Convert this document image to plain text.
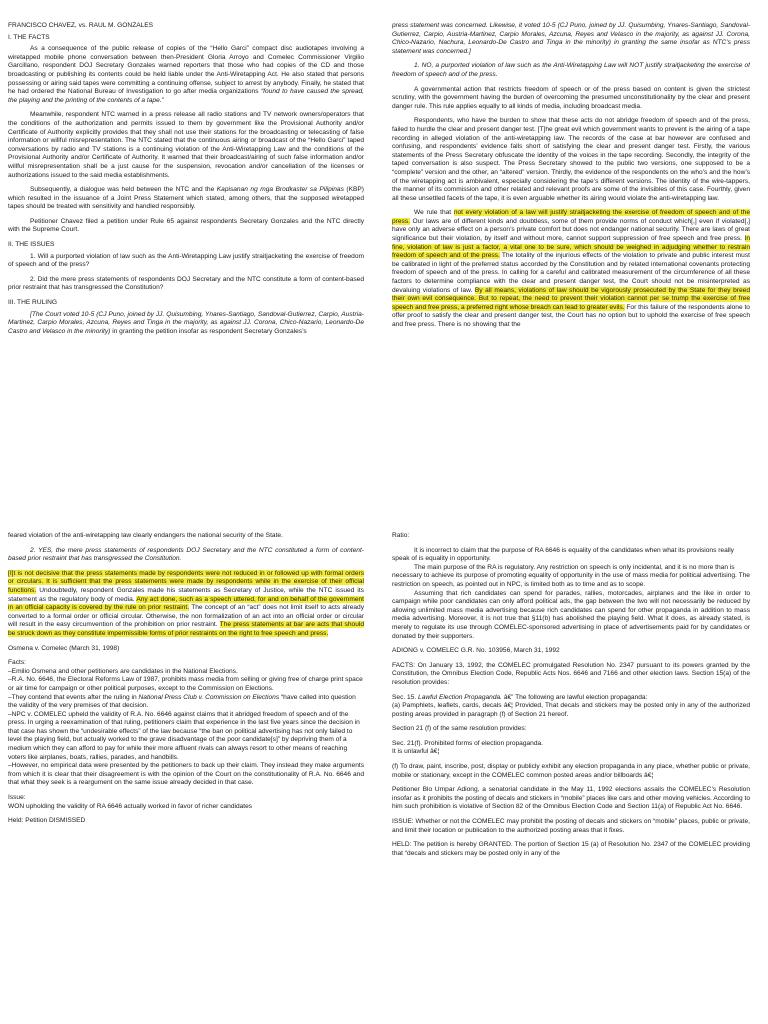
FRANCISCO CHAVEZ, vs. RAUL M. GONZALES
I. THE FACTS

As a consequence of the public release of copies of the “Hello Garci” compact disc audiotapes involving a wiretapped mobile phone conversation between then-President Gloria Arroyo and Comelec Commissioner Virgilio Garcillano, respondent DOJ Secretary Gonzales warned reporters that those who had copies of the CD and those broadcasting or publishing its contents could be held liable under the Anti-Wiretapping Act. He also stated that persons possessing or airing said tapes were committing a continuing offense, subject to arrest by anybody. Finally, he stated that he had ordered the National Bureau of Investigation to go after media organizations “found to have caused the spread, the playing and the printing of the contents of a tape.”

Meanwhile, respondent NTC warned in a press release all radio stations and TV network owners/operators that the conditions of the authorization and permits issued to them by government like the Provisional Authority and/or Certificate of Authority explicitly provides that they shall not use their stations for the broadcasting or telecasting of false information or willful misrepresentation. The NTC stated that the continuous airing or broadcast of the “Hello Garci” taped conversations by radio and TV stations is a continuing violation of the Anti-Wiretapping Law and the conditions of the Provisional Authority and/or Certificate of Authority. It warned that their broadcast/airing of such false information and/or willful misrepresentation shall be a just cause for the suspension, revocation and/or cancellation of the licenses or authorizations issued to the said media establishments.

Subsequently, a dialogue was held between the NTC and the Kapisanan ng mga Brodkaster sa Pilipinas (KBP) which resulted in the issuance of a Joint Press Statement which stated, among others, that the supposed wiretapped tapes should be treated with sensitivity and handled responsibly.

Petitioner Chavez filed a petition under Rule 65 against respondents Secretary Gonzales and the NTC directly with the Supreme Court.

II. THE ISSUES

1. Will a purported violation of law such as the Anti-Wiretapping Law justify straitjacketing the exercise of freedom of speech and of the press?

2. Did the mere press statements of respondents DOJ Secretary and the NTC constitute a form of content-based prior restraint that has transgressed the Constitution?

III. THE RULING

[The Court voted 10-5 (CJ Puno, joined by JJ. Quisumbing, Ynares-Santiago, Sandoval-Gutierrez, Carpio, Austria-Martinez, Carpio Morales, Azcuna, Reyes and Tinga in the majority, as against JJ. Corona, Chico-Nazario, Leonardo-De Castro and Velasco in the minority) in granting the petition insofar as respondent Secretary Gonzales’s

press statement was concerned. Likewise, it voted 10-5 (CJ Puno, joined by JJ. Quisumbing, Ynares-Santiago, Sandoval-Gutierrez, Carpio, Austria-Martinez, Carpio Morales, Azcuna, Reyes and Velasco in the majority, as against JJ. Corona, Chico-Nazario, Nachura, Leonardo-De Castro and Tinga in the minority) in granting the same insofar as NTC’s press statement was concerned.]

1. NO, a purported violation of law such as the Anti-Wiretapping Law will NOT justify straitjacketing the exercise of freedom of speech and of the press.

A governmental action that restricts freedom of speech or of the press based on content is given the strictest scrutiny, with the government having the burden of overcoming the presumed unconstitutionality by the clear and present danger rule. This rule applies equally to all kinds of media, including broadcast media.

Respondents, who have the burden to show that these acts do not abridge freedom of speech and of the press, failed to hurdle the clear and present danger test. [T]he great evil which government wants to prevent is the airing of a tape recording in alleged violation of the anti-wiretapping law. The records of the case at bar however are confused and confusing, and respondents’ evidence falls short of satisfying the clear and present danger test. Firstly, the various statements of the Press Secretary obfuscate the identity of the voices in the tape recording. Secondly, the integrity of the taped conversation is also suspect. The Press Secretary showed to the public two versions, one supposed to be a “complete” version and the other, an “altered” version. Thirdly, the evidence of the respondents on the who’s and the how’s of the wiretapping act is ambivalent, especially considering the tape’s different versions. The identity of the wire-tappers, the manner of its commission and other related and relevant proofs are some of the invisibles of this case. Fourthly, given all these unsettled facets of the tape, it is even arguable whether its airing would violate the anti-wiretapping law.

We rule that not every violation of a law will justify straitjacketing the exercise of freedom of speech and of the press. Our laws are of different kinds and doubtless, some of them provide norms of conduct which[,] even if violated[,] have only an adverse effect on a person’s private comfort but does not endanger national security. There are laws of great significance but their violation, by itself and without more, cannot support suppression of free speech and free press. In fine, violation of law is just a factor, a vital one to be sure, which should be weighed in adjudging whether to restrain freedom of speech and of the press. The totality of the injurious effects of the violation to private and public interest must be calibrated in light of the preferred status accorded by the Constitution and by related international covenants protecting freedom of speech and of the press. In calling for a careful and calibrated measurement of the circumference of all these factors to determine compliance with the clear and present danger test, the Court should not be misinterpreted as devaluing violations of law. By all means, violations of law should be vigorously prosecuted by the State for they breed their own evil consequence. But to repeat, the need to prevent their violation cannot per se trump the exercise of free speech and free press, a preferred right whose breach can lead to greater evils. For this failure of the respondents alone to offer proof to satisfy the clear and present danger test, the Court has no option but to uphold the exercise of free speech and free press. There is no showing that the

feared violation of the anti-wiretapping law clearly endangers the national security of the State.

2. YES, the mere press statements of respondents DOJ Secretary and the NTC constituted a form of content-based prior restraint that has transgressed the Constitution.

[I]t is not decisive that the press statements made by respondents were not reduced in or followed up with formal orders or circulars. It is sufficient that the press statements were made by respondents while in the exercise of their official functions. Undoubtedly, respondent Gonzales made his statements as Secretary of Justice, while the NTC issued its statement as the regulatory body of media. Any act done, such as a speech uttered, for and on behalf of the government in an official capacity is covered by the rule on prior restraint. The concept of an “act” does not limit itself to acts already converted to a formal order or official circular. Otherwise, the non formalization of an act into an official order or circular will result in the easy circumvention of the prohibition on prior restraint. The press statements at bar are acts that should be struck down as they constitute impermissible forms of prior restraints on the right to free speech and press.

Osmena v. Comelec (March 31, 1998)

Facts:
–Emilio Osmena and other petitioners are candidates in the National Elections.
–R.A. No. 6646, the Electoral Reforms Law of 1987, prohibits mass media from selling or giving free of charge print space or air time for campaign or other political purposes, except to the Commission on Elections.
–They contend that events after the ruling in National Press Club v. Commission on Elections “have called into question the validity of the very premises of that decision.
–NPC v. COMELEC upheld the validity of R.A. No. 6646 against claims that it abridged freedom of speech and of the press. In urging a reexamination of that ruling, petitioners claim that experience in the last five years since the decision in that case has shown the “undesirable effects” of the law because “the ban on political advertising has not only failed to level the playing field, but actually worked to the grave disadvantage of the poor candidate[s]” by depriving them of a medium which they can afford to pay for while their more affluent rivals can always resort to other means of reaching voters like airplanes, boats, rallies, parades, and handbills.

–However, no empirical data were presented by the petitioners to back up their claim. They instead they make arguments from which it is clear that their disagreement is with the opinion of the Court on the constitutionality of R.A. No. 6646 and that what they seek is a reargument on the same issue already decided in that case.

Issue:

WON upholding the validity of RA 6646 actually worked in favor of richer candidates

Held: Petition DISMISSED

Ratio:

It is incorrect to claim that the purpose of RA 6646 is equality of the candidates when what its provisions really speak of is equality in opportunity.
The main purpose of the RA is regulatory. Any restriction on speech is only incidental, and it is no more than is necessary to achieve its purpose of promoting equality of opportunity in the use of mass media for political advertising. The restriction on speech, as pointed out in NPC, is limited both as to time and as to scope.

Assuming that rich candidates can spend for parades, rallies, motorcades, airplanes and the like in order to campaign while poor candidates can only afford political ads, the gap between the two will not necessarily be reduced by allowing unlimited mass media advertising because rich candidates can spend for other propaganda in addition to mass media advertising. Moreover, it is not true that §11(b) has abolished the playing field. What it does, as already stated, is merely to regulate its use through COMELEC-sponsored advertising in place of advertisements paid for by candidates or donated by their supporters.

ADIONG v. COMELEC G.R. No. 103956, March 31, 1992

FACTS: On January 13, 1992, the COMELEC promulgated Resolution No. 2347 pursuant to its powers granted by the Constitution, the Omnibus Election Code, Republic Acts Nos. 6646 and 7166 and other election laws. Section 15(a) of the resolution provides:

Sec. 15. Lawful Election Propaganda. â€” The following are lawful election propaganda:

(a) Pamphlets, leaflets, cards, decals â€¦ Provided, That decals and stickers may be posted only in any of the authorized posting areas provided in paragraph (f) of Section 21 hereof.

Section 21 (f) of the same resolution provides:

Sec. 21(f). Prohibited forms of election propaganda.

It is unlawful â€¦

(f) To draw, paint, inscribe, post, display or publicly exhibit any election propaganda in any place, whether public or private, mobile or stationary, except in the COMELEC common posted areas and/or billboards â€¦

Petitioner Blo Umpar Adiong, a senatorial candidate in the May 11, 1992 elections assails the COMELEC’s Resolution insofar as it prohibits the posting of decals and stickers in “mobile” places like cars and other moving vehicles. According to him such prohibition is violative of Section 82 of the Omnibus Election Code and Section 11(a) of Republic Act No. 6646.

ISSUE: Whether or not the COMELEC may prohibit the posting of decals and stickers on “mobile” places, public or private, and limit their location or publication to the authorized posting areas that it fixes.

HELD: The petition is hereby GRANTED. The portion of Section 15 (a) of Resolution No. 2347 of the COMELEC providing that “decals and stickers may be posted only in any of the
